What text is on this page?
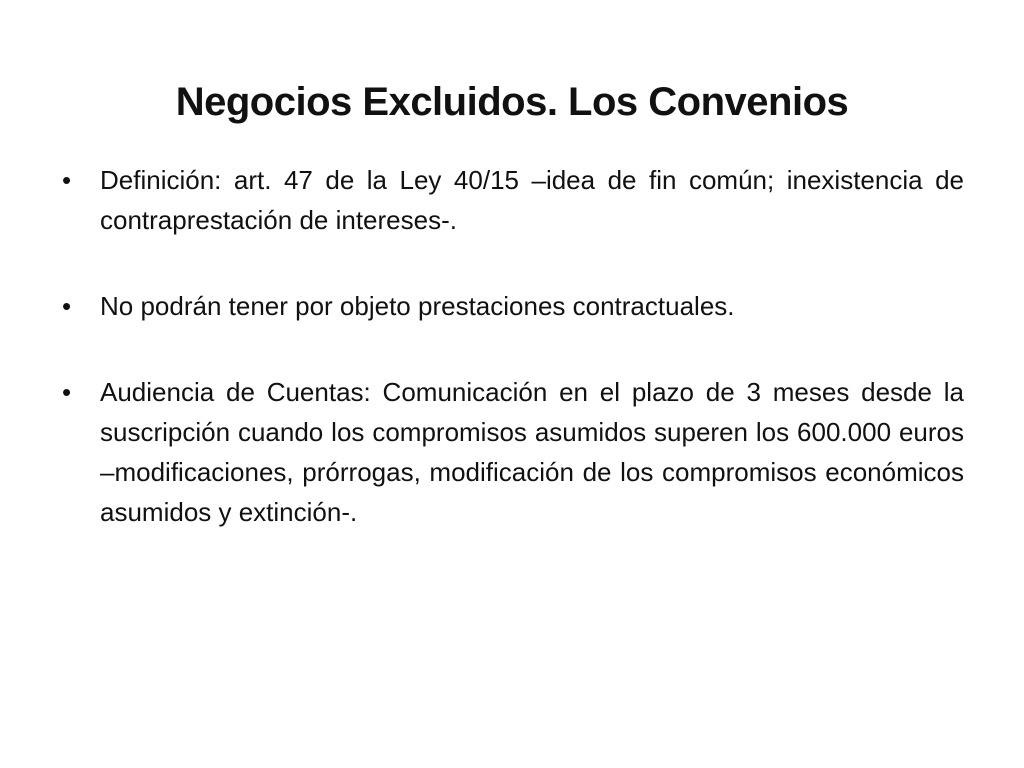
Negocios Excluidos. Los Convenios
• Definición: art. 47 de la Ley 40/15 –idea de fin común; inexistencia de contraprestación de intereses-.
• No podrán tener por objeto prestaciones contractuales.
• Audiencia de Cuentas: Comunicación en el plazo de 3 meses desde la suscripción cuando los compromisos asumidos superen los 600.000 euros –modificaciones, prórrogas, modificación de los compromisos económicos asumidos y extinción-.
